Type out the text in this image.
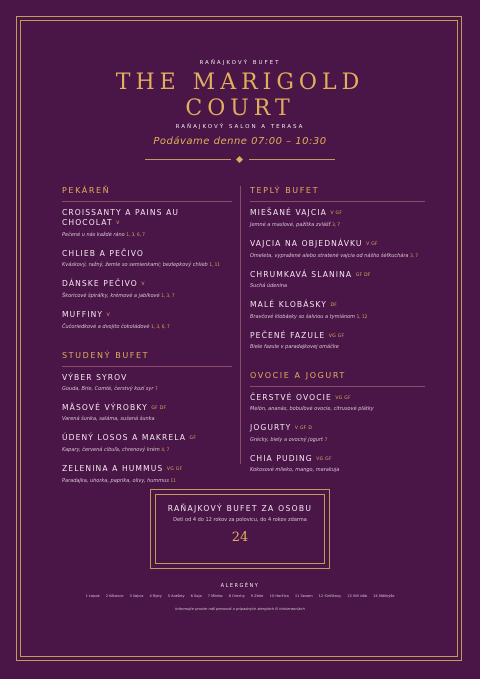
RAŇAJKOVÝ BUFET
THE MARIGOLD
COURT
RAŇAJKOVÝ SALON A TERASA
Podávame denne 07:00 – 10:30
PEKÁREŇ
CROISSANTY A PAINS AU CHOCOLAT V
Pečené u nás každé ráno 1, 3, 6, 7
CHLIEB A PEČIVO
Kváskový, ražný, žemle so semienkami; bezlepkový chlieb 1, 11
DÁNSKE PEČIVO V
Škoricové špirálky, krémové a jablkové 1, 3, 7
MUFFINY V
Čučoriedkové a dvojitо čokoládové 1, 3, 6, 7
STUDENÝ BUFET
VÝBER SYROV
Gouda, Brie, Comté, čerstvý kozí syr 7
MÄSOVÉ VÝROBKY GF DF
Varená šunka, saláma, sušená šunka
ÚDENÝ LOSOS A MAKRELA GF
Kapary, červená cibuľa, chrenový krém 4, 7
ZELENINA A HUMMUS VG GF
Paradajka, uhorka, paprika, olivy, hummus 11
TEPLÝ BUFET
MIEŠANÉ VAJCIA V GF
Jemné a maslové, pažítka zvlášť 3, 7
VAJCIA NA OBJEDNÁVKU V GF
Omeleta, vypražené alebo stratené vajcia od nášho šéfkuchára 3, 7
CHRUMKAVÁ SLANINA GF DF
Suchá údenina
MALÉ KLOBÁSKY DF
Bravčové klobásky so šalviou a tymiánom 1, 12
PEČENÉ FAZULE VG GF
Biele fazule v paradajkovej omáčke
OVOCIE A JOGURT
ČERSTVÉ OVOCIE VG GF
Melón, ananás, bobuľové ovocie, citrusové plátky
JOGURTY V GF D
Grécky, biely a ovocný jogurt 7
CHIA PUDING VG GF
Kokosové mlieko, mango, marakuja
RAŇAJKOVÝ BUFET ZA OSOBU
Deti od 4 do 12 rokov za polovicu, do 4 rokov zdarma
24
ALERGÉNY
1 Lepok 2 Kôrovce 3 Vajcia 4 Ryby 5 Arašidy 6 Soja 7 Mlieko 8 Orechy 9 Zeler 10 Horčica 11 Sezam 12 Siričitany 13 Vlčí bôb 14 Mäkkýše
Informujte prosím náš personál o prípadných alergiách či intoleranciách
